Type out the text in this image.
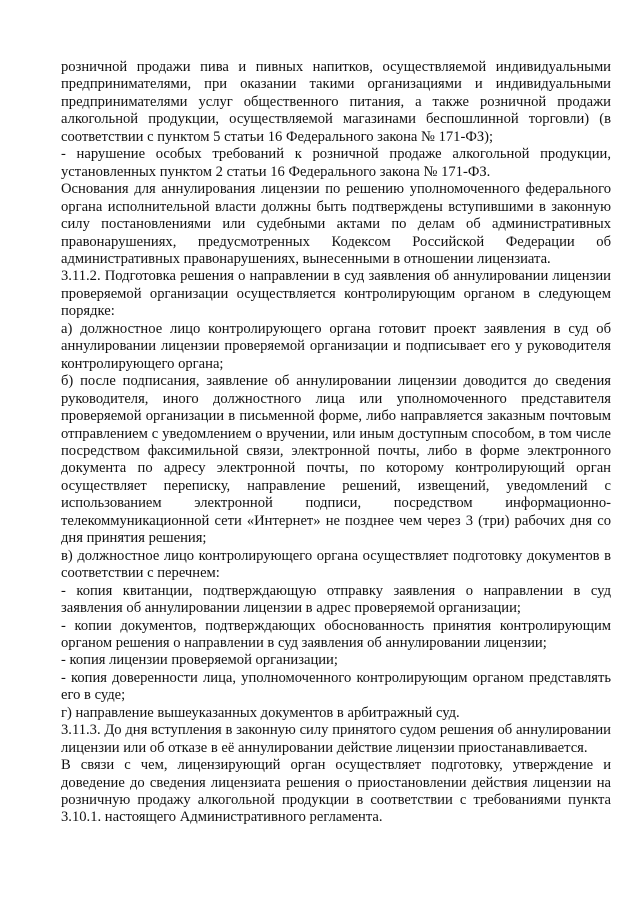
розничной продажи пива и пивных напитков, осуществляемой индивидуальными предпринимателями, при оказании такими организациями и индивидуальными предпринимателями услуг общественного питания, а также розничной продажи алкогольной продукции, осуществляемой магазинами беспошлинной торговли) (в соответствии с пунктом 5 статьи 16 Федерального закона № 171-ФЗ);

- нарушение особых требований к розничной продаже алкогольной продукции, установленных пунктом 2 статьи 16 Федерального закона № 171-ФЗ.

Основания для аннулирования лицензии по решению уполномоченного федерального органа исполнительной власти должны быть подтверждены вступившими в законную силу постановлениями или судебными актами по делам об административных правонарушениях, предусмотренных Кодексом Российской Федерации об административных правонарушениях, вынесенными в отношении лицензиата.

3.11.2. Подготовка решения о направлении в суд заявления об аннулировании лицензии проверяемой организации осуществляется контролирующим органом в следующем порядке:

а) должностное лицо контролирующего органа готовит проект заявления в суд об аннулировании лицензии проверяемой организации и подписывает его у руководителя контролирующего органа;

б) после подписания, заявление об аннулировании лицензии доводится до сведения руководителя, иного должностного лица или уполномоченного представителя проверяемой организации в письменной форме, либо направляется заказным почтовым отправлением с уведомлением о вручении, или иным доступным способом, в том числе посредством факсимильной связи, электронной почты, либо в форме электронного документа по адресу электронной почты, по которому контролирующий орган осуществляет переписку, направление решений, извещений, уведомлений с использованием электронной подписи, посредством информационно-телекоммуникационной сети «Интернет» не позднее чем через 3 (три) рабочих дня со дня принятия решения;

в) должностное лицо контролирующего органа осуществляет подготовку документов в соответствии с перечнем:

- копия квитанции, подтверждающую отправку заявления о направлении в суд заявления об аннулировании лицензии в адрес проверяемой организации;

- копии документов, подтверждающих обоснованность принятия контролирующим органом решения о направлении в суд заявления об аннулировании лицензии;

- копия лицензии проверяемой организации;

- копия доверенности лица, уполномоченного контролирующим органом представлять его в суде;

г) направление вышеуказанных документов в арбитражный суд.

3.11.3. До дня вступления в законную силу принятого судом решения об аннулировании лицензии или об отказе в её аннулировании действие лицензии приостанавливается.

В связи с чем, лицензирующий орган осуществляет подготовку, утверждение и доведение до сведения лицензиата решения о приостановлении действия лицензии на розничную продажу алкогольной продукции в соответствии с требованиями пункта 3.10.1. настоящего Административного регламента.
